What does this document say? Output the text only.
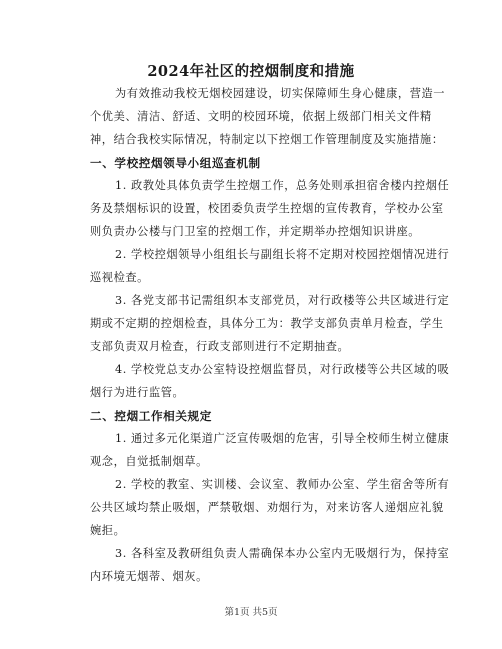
2024年社区的控烟制度和措施
为有效推动我校无烟校园建设，切实保障师生身心健康，营造一
个优美、清洁、舒适、文明的校园环境，依据上级部门相关文件精
神，结合我校实际情况，特制定以下控烟工作管理制度及实施措施：
一、学校控烟领导小组巡查机制
1. 政教处具体负责学生控烟工作，总务处则承担宿舍楼内控烟任
务及禁烟标识的设置，校团委负责学生控烟的宣传教育，学校办公室
则负责办公楼与门卫室的控烟工作，并定期举办控烟知识讲座。
2. 学校控烟领导小组组长与副组长将不定期对校园控烟情况进行
巡视检查。
3. 各党支部书记需组织本支部党员，对行政楼等公共区域进行定
期或不定期的控烟检查，具体分工为：教学支部负责单月检查，学生
支部负责双月检查，行政支部则进行不定期抽查。
4. 学校党总支办公室特设控烟监督员，对行政楼等公共区域的吸
烟行为进行监管。
二、控烟工作相关规定
1. 通过多元化渠道广泛宣传吸烟的危害，引导全校师生树立健康
观念，自觉抵制烟草。
2. 学校的教室、实训楼、会议室、教师办公室、学生宿舍等所有
公共区域均禁止吸烟，严禁敬烟、劝烟行为，对来访客人递烟应礼貌
婉拒。
3. 各科室及教研组负责人需确保本办公室内无吸烟行为，保持室
内环境无烟蒂、烟灰。
第1页 共5页
